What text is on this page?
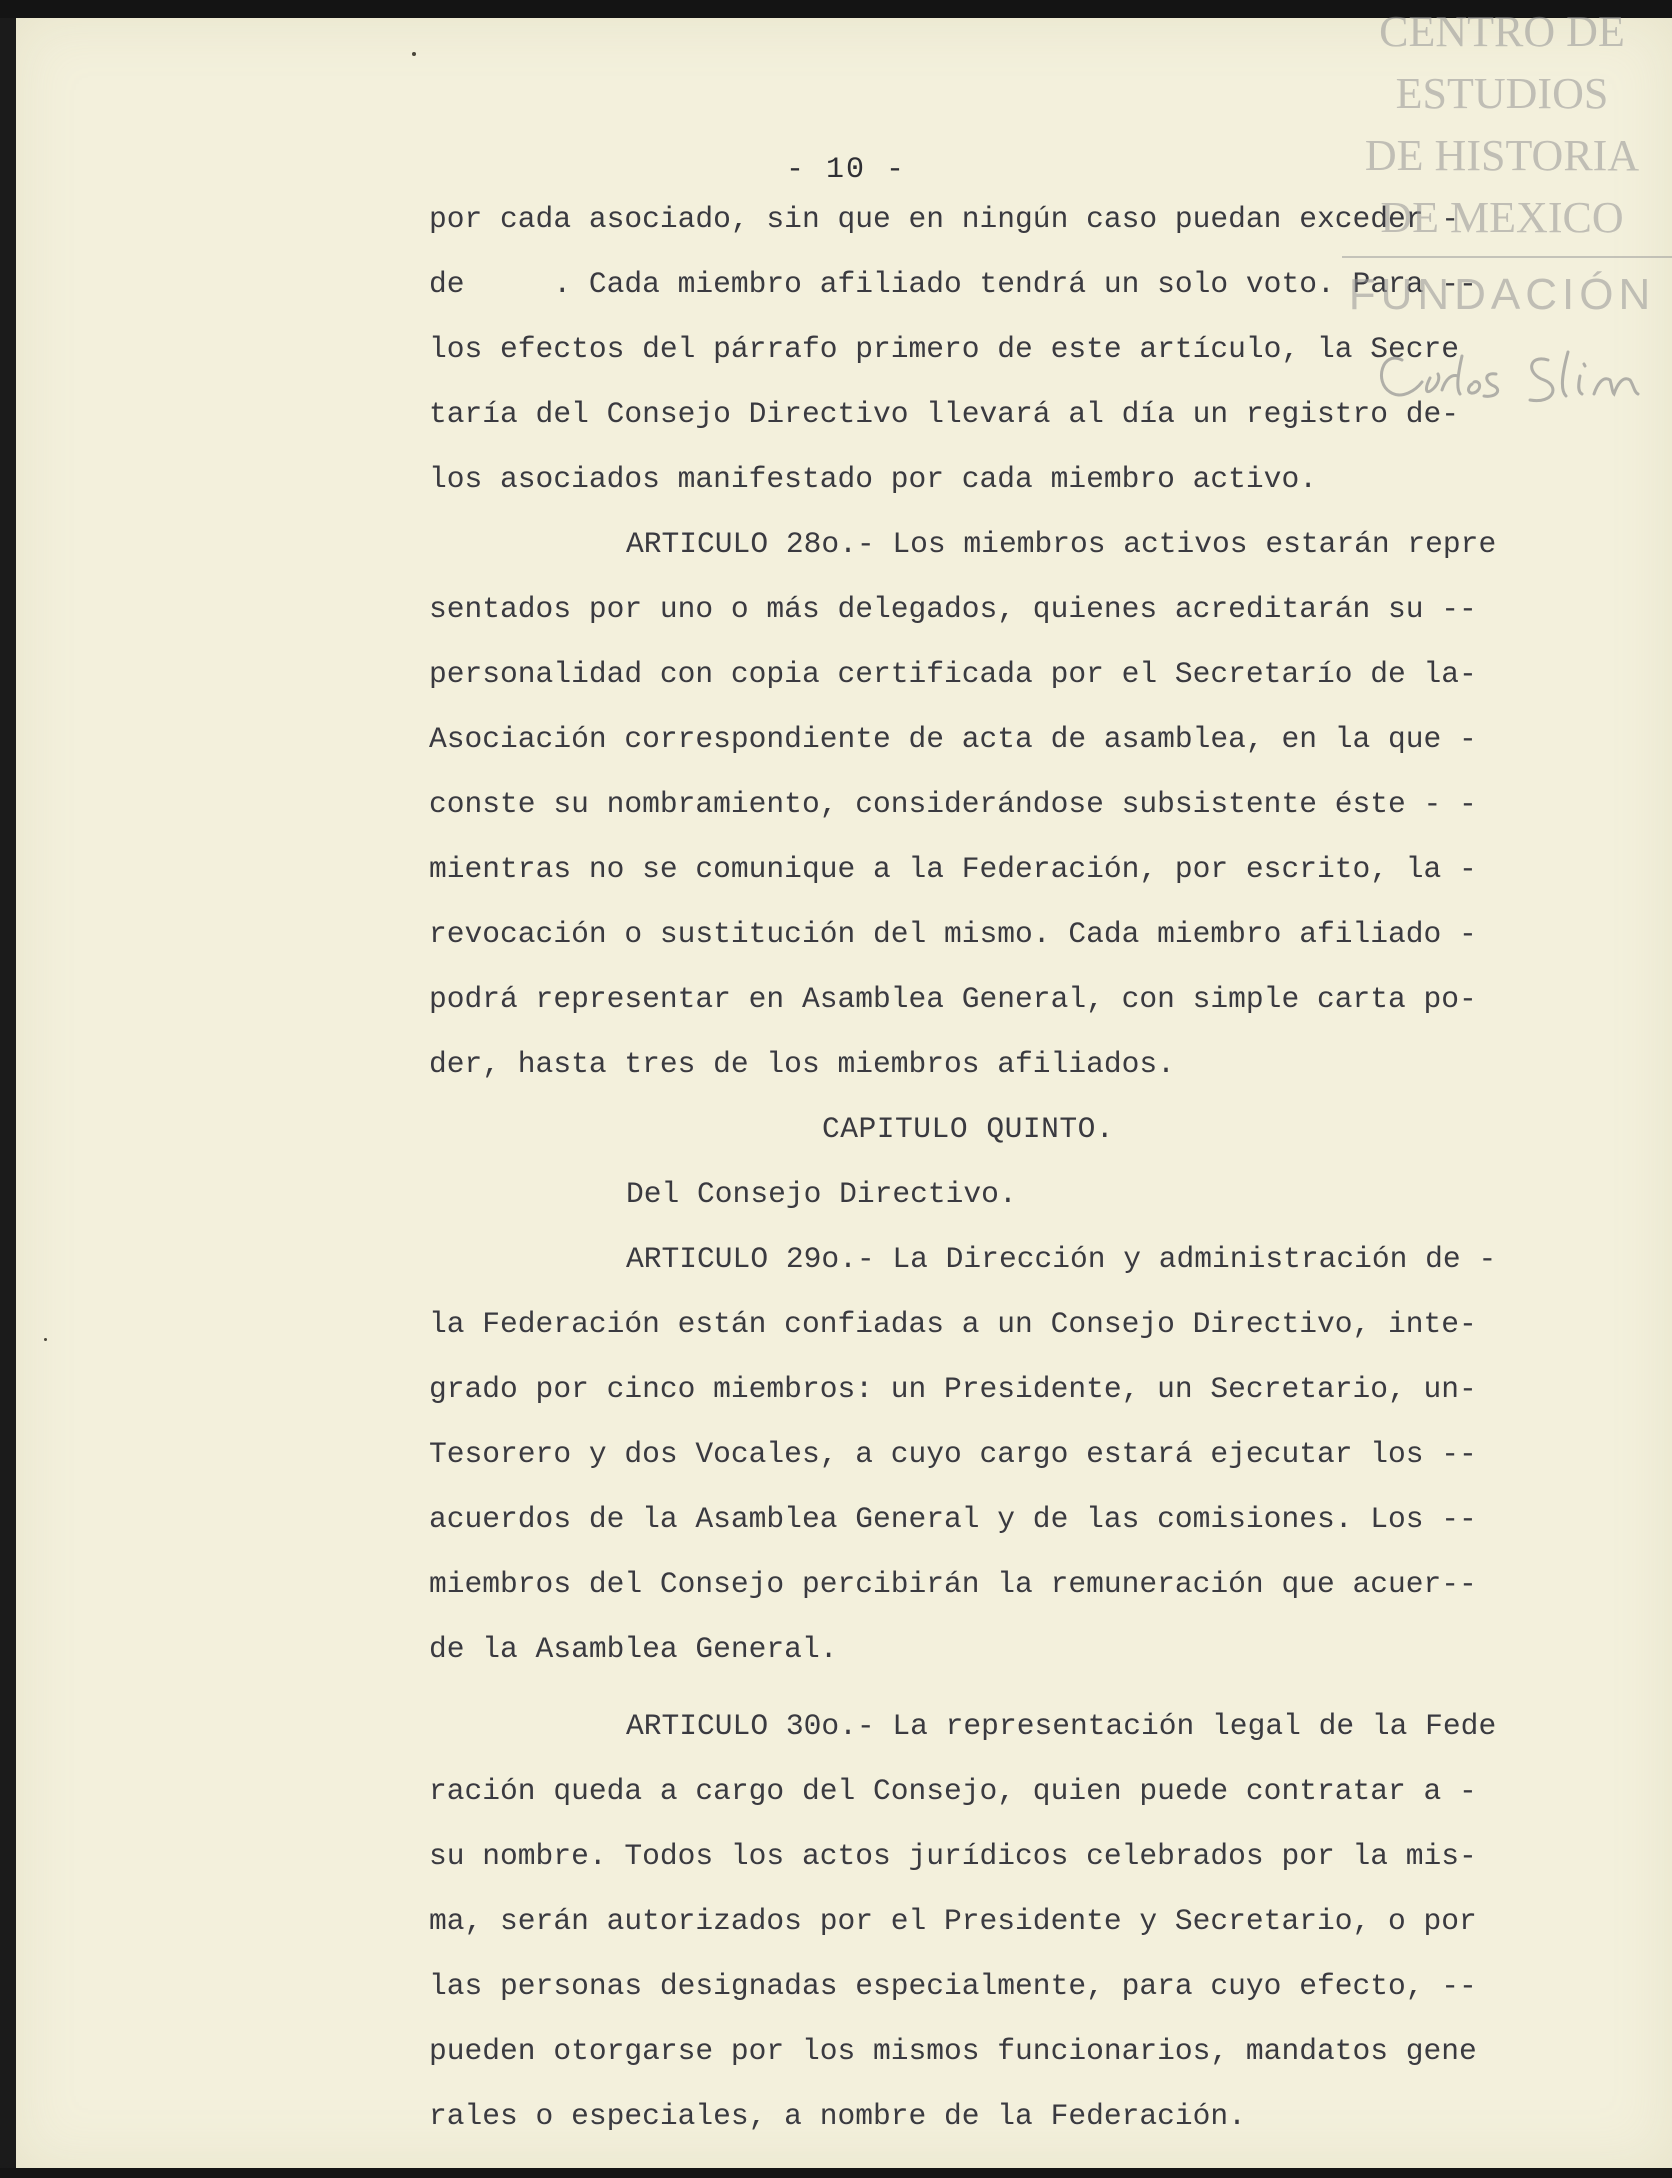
- 10 -
por cada asociado, sin que en ningún caso puedan exceder -
de     . Cada miembro afiliado tendrá un solo voto. Para --
los efectos del párrafo primero de este artículo, la Secre
taría del Consejo Directivo llevará al día un registro de-
los asociados manifestado por cada miembro activo.
ARTICULO 28o.- Los miembros activos estarán repre
sentados por uno o más delegados, quienes acreditarán su --
personalidad con copia certificada por el Secretarío de la-
Asociación correspondiente de acta de asamblea, en la que -
conste su nombramiento, considerándose subsistente éste - -
mientras no se comunique a la Federación, por escrito, la -
revocación o sustitución del mismo. Cada miembro afiliado -
podrá representar en Asamblea General, con simple carta po-
der, hasta tres de los miembros afiliados.
CAPITULO QUINTO.
Del Consejo Directivo.
ARTICULO 29o.- La Dirección y administración de -
la Federación están confiadas a un Consejo Directivo, inte-
grado por cinco miembros: un Presidente, un Secretario, un-
Tesorero y dos Vocales, a cuyo cargo estará ejecutar los --
acuerdos de la Asamblea General y de las comisiones. Los --
miembros del Consejo percibirán la remuneración que acuer--
de la Asamblea General.
ARTICULO 30o.- La representación legal de la Fede
ración queda a cargo del Consejo, quien puede contratar a -
su nombre. Todos los actos jurídicos celebrados por la mis-
ma, serán autorizados por el Presidente y Secretario, o por
las personas designadas especialmente, para cuyo efecto, --
pueden otorgarse por los mismos funcionarios, mandatos gene
rales o especiales, a nombre de la Federación.
CENTRO DE
ESTUDIOS
DE HISTORIA
DE MEXICO
FUNDACIÓN
